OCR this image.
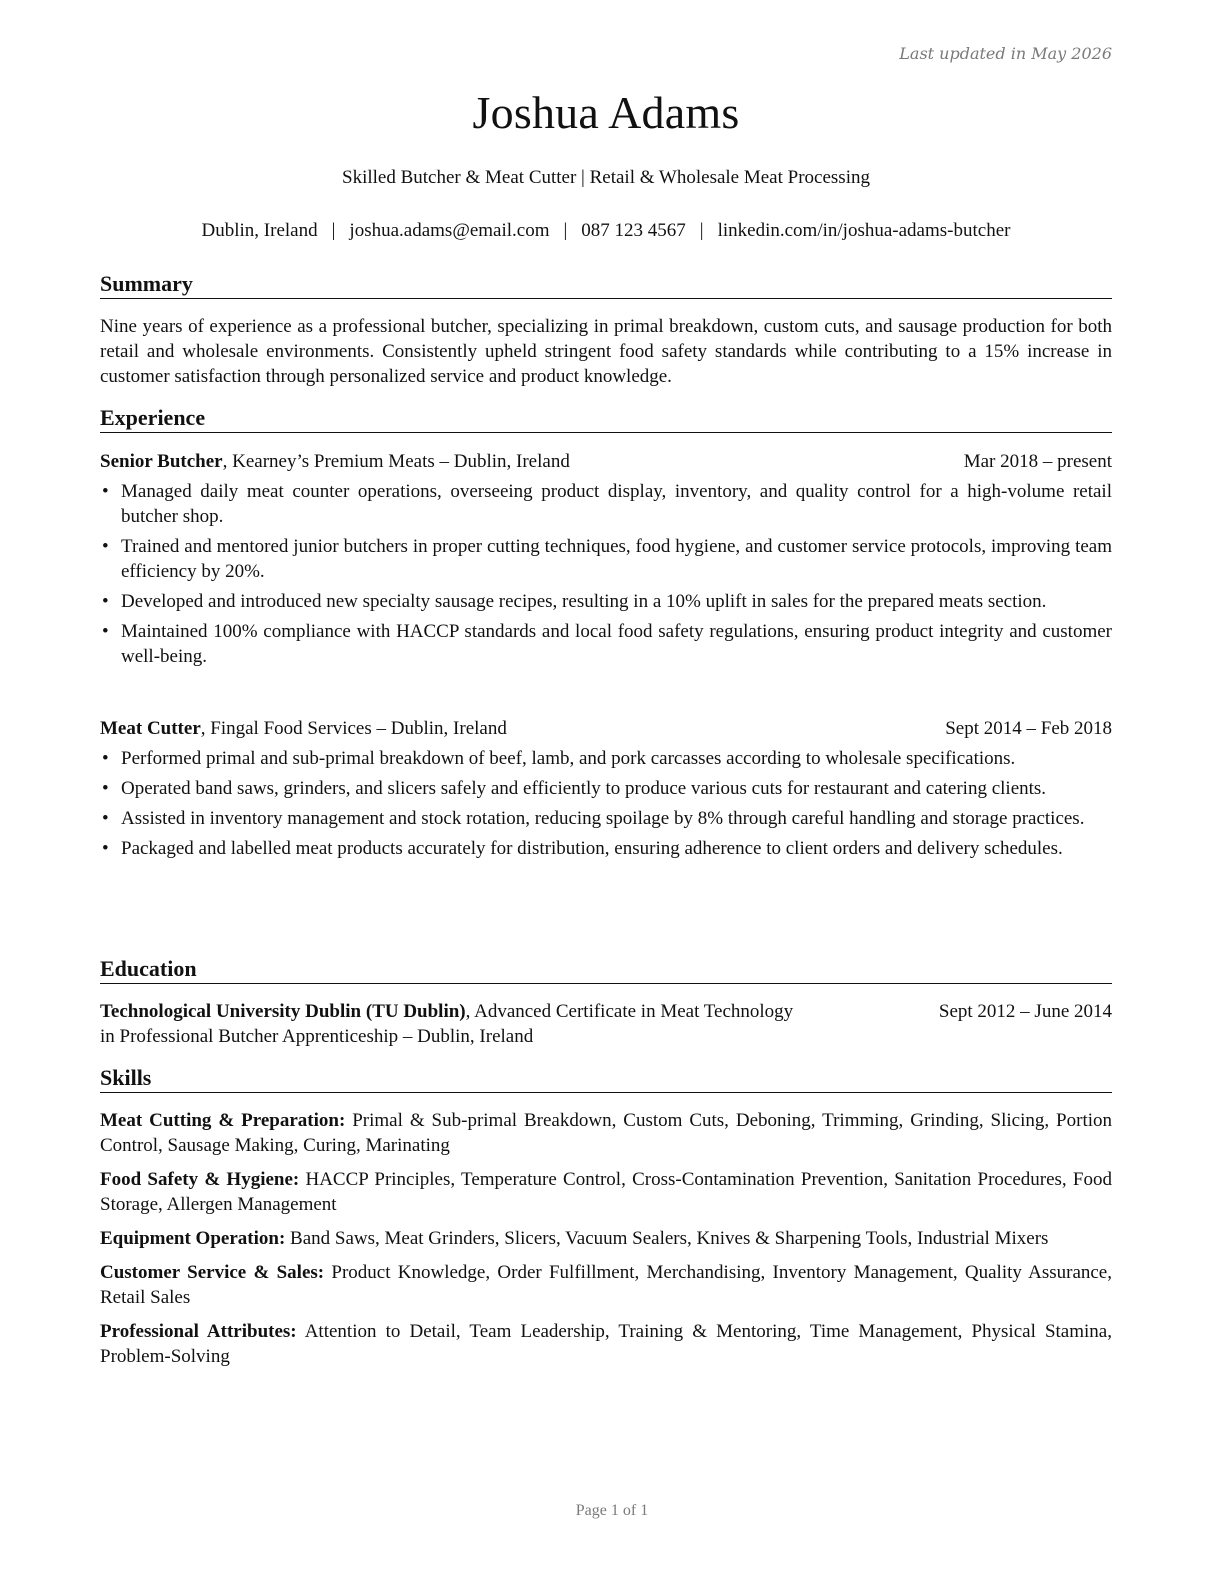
Last updated in May 2026
Joshua Adams
Skilled Butcher & Meat Cutter | Retail & Wholesale Meat Processing
Dublin, Ireland | joshua.adams@email.com | 087 123 4567 | linkedin.com/in/joshua-adams-butcher
Summary
Nine years of experience as a professional butcher, specializing in primal breakdown, custom cuts, and sausage production for both retail and wholesale environments. Consistently upheld stringent food safety standards while contributing to a 15% increase in customer satisfaction through personalized service and product knowledge.
Experience
Senior Butcher, Kearney’s Premium Meats – Dublin, Ireland	Mar 2018 – present
• Managed daily meat counter operations, overseeing product display, inventory, and quality control for a high-volume retail butcher shop.
• Trained and mentored junior butchers in proper cutting techniques, food hygiene, and customer service protocols, improving team efficiency by 20%.
• Developed and introduced new specialty sausage recipes, resulting in a 10% uplift in sales for the prepared meats section.
• Maintained 100% compliance with HACCP standards and local food safety regulations, ensuring product integrity and customer well-being.
Meat Cutter, Fingal Food Services – Dublin, Ireland	Sept 2014 – Feb 2018
• Performed primal and sub-primal breakdown of beef, lamb, and pork carcasses according to wholesale specifications.
• Operated band saws, grinders, and slicers safely and efficiently to produce various cuts for restaurant and catering clients.
• Assisted in inventory management and stock rotation, reducing spoilage by 8% through careful handling and storage practices.
• Packaged and labelled meat products accurately for distribution, ensuring adherence to client orders and delivery schedules.
Education
Technological University Dublin (TU Dublin), Advanced Certificate in Meat Technology	Sept 2012 – June 2014
in Professional Butcher Apprenticeship – Dublin, Ireland
Skills
Meat Cutting & Preparation: Primal & Sub-primal Breakdown, Custom Cuts, Deboning, Trimming, Grinding, Slicing, Portion Control, Sausage Making, Curing, Marinating
Food Safety & Hygiene: HACCP Principles, Temperature Control, Cross-Contamination Prevention, Sanitation Procedures, Food Storage, Allergen Management
Equipment Operation: Band Saws, Meat Grinders, Slicers, Vacuum Sealers, Knives & Sharpening Tools, Industrial Mixers
Customer Service & Sales: Product Knowledge, Order Fulfillment, Merchandising, Inventory Management, Quality Assurance, Retail Sales
Professional Attributes: Attention to Detail, Team Leadership, Training & Mentoring, Time Management, Physical Stamina, Problem-Solving
Page 1 of 1
